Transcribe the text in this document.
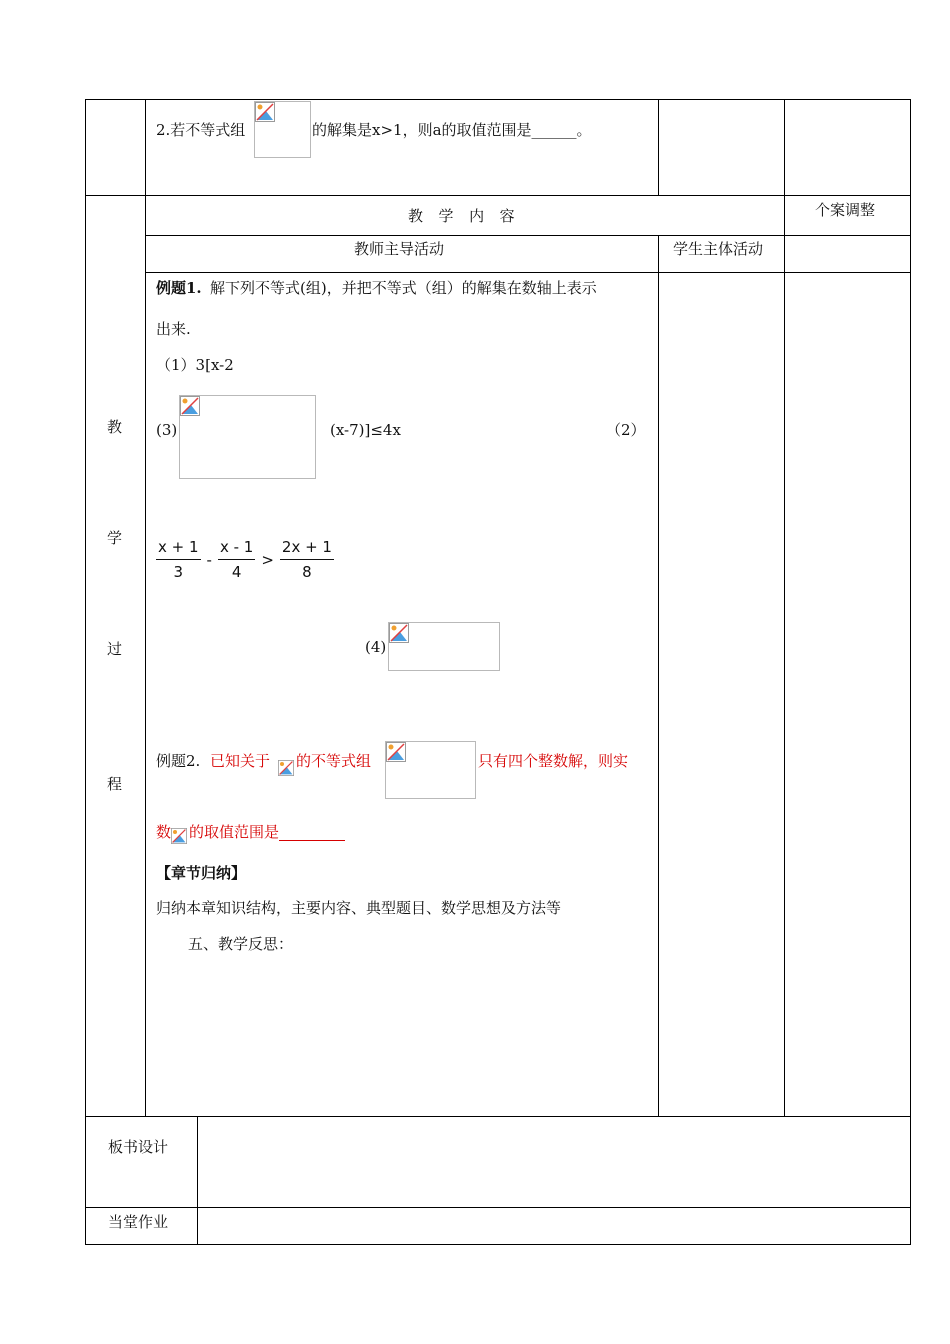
2.若不等式组	的解集是x>1，则a的取值范围是______。
教  学  内  容	个案调整
教师主导活动	学生主体活动
教
学
过
程
例题1. 解下列不等式(组)，并把不等式（组）的解集在数轴上表示
出来.
（1）3[x-2
(3)	(x-7)]≤4x	（2）
$\frac{x + 1}{3} - \frac{x - 1}{4} > \frac{2x + 1}{8}$
(4)
例题2. 已知关于 的不等式组	只有四个整数解，则实
数 的取值范围是
【章节归纳】
归纳本章知识结构，主要内容、典型题目、数学思想及方法等
五、教学反思：
板书设计
当堂作业
